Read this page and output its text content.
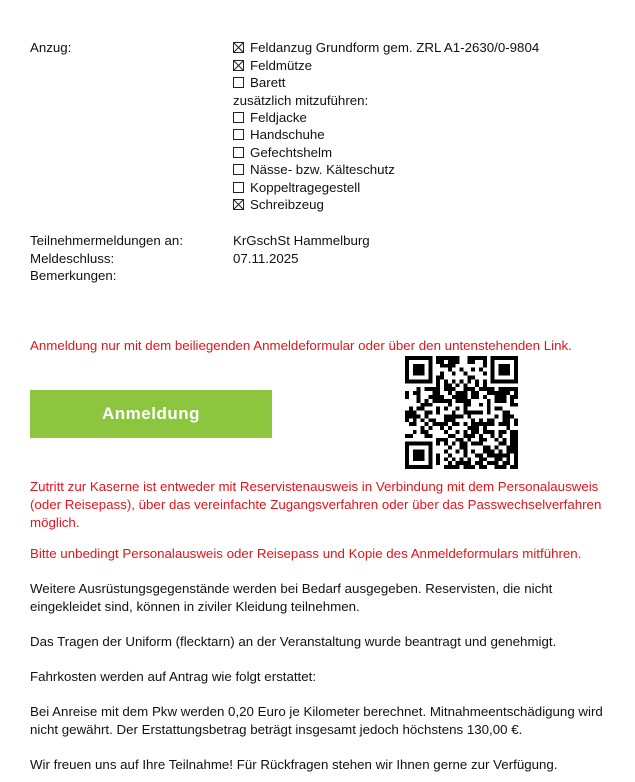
Anzug:	Feldanzug Grundform gem. ZRL A1-2630/0-9804
Feldmütze
Barett
zusätzlich mitzuführen:
Feldjacke
Handschuhe
Gefechtshelm
Nässe- bzw. Kälteschutz
Koppeltragegestell
Schreibzeug
Teilnehmermeldungen an:	KrGschSt Hammelburg
Meldeschluss:	07.11.2025
Bemerkungen:
Anmeldung nur mit dem beiliegenden Anmeldeformular oder über den untenstehenden Link.
Anmeldung
Zutritt zur Kaserne ist entweder mit Reservistenausweis in Verbindung mit dem Personalausweis (oder Reisepass), über das vereinfachte Zugangsverfahren oder über das Passwechselverfahren möglich.
Bitte unbedingt Personalausweis oder Reisepass und Kopie des Anmeldeformulars mitführen.
Weitere Ausrüstungsgegenstände werden bei Bedarf ausgegeben. Reservisten, die nicht eingekleidet sind, können in ziviler Kleidung teilnehmen.
Das Tragen der Uniform (flecktarn) an der Veranstaltung wurde beantragt und genehmigt.
Fahrkosten werden auf Antrag wie folgt erstattet:
Bei Anreise mit dem Pkw werden 0,20 Euro je Kilometer berechnet. Mitnahmeentschädigung wird nicht gewährt. Der Erstattungsbetrag beträgt insgesamt jedoch höchstens 130,00 €.
Wir freuen uns auf Ihre Teilnahme! Für Rückfragen stehen wir Ihnen gerne zur Verfügung.
